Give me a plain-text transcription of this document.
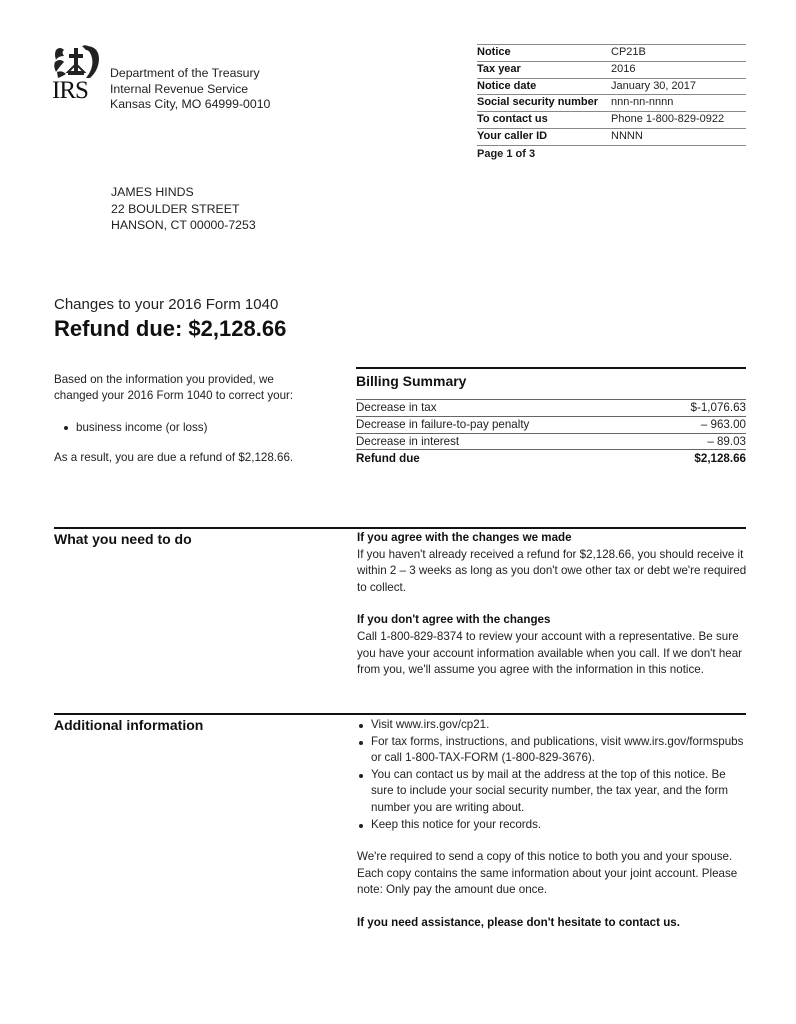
IRS
Department of the Treasury
Internal Revenue Service
Kansas City, MO 64999-0010
Notice	CP21B
Tax year	2016
Notice date	January 30, 2017
Social security number	nnn-nn-nnnn
To contact us	Phone 1-800-829-0922
Your caller ID	NNNN
Page 1 of 3
JAMES HINDS
22 BOULDER STREET
HANSON, CT 00000-7253
Changes to your 2016 Form 1040
Refund due: $2,128.66

Based on the information you provided, we changed your 2016 Form 1040 to correct your:

business income (or loss)

As a result, you are due a refund of $2,128.66.

Billing Summary
Decrease in tax	$-1,076.63
Decrease in failure-to-pay penalty	– 963.00
Decrease in interest	– 89.03
Refund due	$2,128.66
What you need to do	If you agree with the changes we made

If you haven't already received a refund for $2,128.66, you should receive it within 2 – 3 weeks as long as you don't owe other tax or debt we're required to collect.

If you don't agree with the changes

Call 1-800-829-8374 to review your account with a representative. Be sure you have your account information available when you call. If we don't hear from you, we'll assume you agree with the information in this notice.

Additional information	Visit www.irs.gov/cp21.
For tax forms, instructions, and publications, visit www.irs.gov/formspubs or call 1-800-TAX-FORM (1-800-829-3676).
You can contact us by mail at the address at the top of this notice. Be sure to include your social security number, the tax year, and the form number you are writing about.
Keep this notice for your records.

We're required to send a copy of this notice to both you and your spouse. Each copy contains the same information about your joint account. Please note: Only pay the amount due once.

If you need assistance, please don't hesitate to contact us.
